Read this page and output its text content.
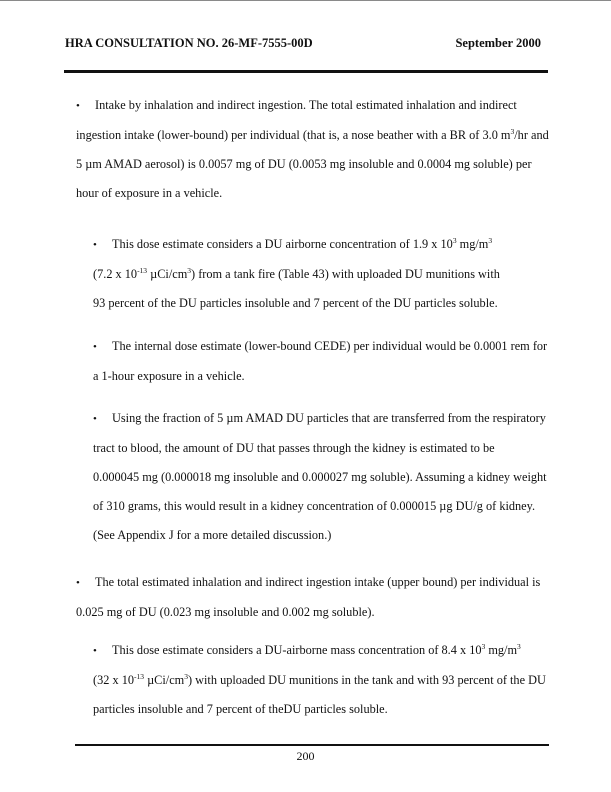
HRA CONSULTATION NO. 26-MF-7555-00D	September 2000
• Intake by inhalation and indirect ingestion. The total estimated inhalation and indirect
ingestion intake (lower-bound) per individual (that is, a nose beather with a BR of 3.0 $m^3/hr$ and
5 µm AMAD aerosol) is 0.0057 mg of DU (0.0053 mg insoluble and 0.0004 mg soluble) per
hour of exposure in a vehicle.
• This dose estimate considers a DU airborne concentration of 1.9 x $10^3$ $mg/m^3$
(7.2 x $10^{-13}$ µCi/$cm^3$) from a tank fire (Table 43) with uploaded DU munitions with
93 percent of the DU particles insoluble and 7 percent of the DU particles soluble.
• The internal dose estimate (lower-bound CEDE) per individual would be 0.0001 rem for
a 1-hour exposure in a vehicle.
• Using the fraction of 5 µm AMAD DU particles that are transferred from the respiratory
tract to blood, the amount of DU that passes through the kidney is estimated to be
0.000045 mg (0.000018 mg insoluble and 0.000027 mg soluble). Assuming a kidney weight
of 310 grams, this would result in a kidney concentration of 0.000015 µg DU/g of kidney.
(See Appendix J for a more detailed discussion.)
• The total estimated inhalation and indirect ingestion intake (upper bound) per individual is
0.025 mg of DU (0.023 mg insoluble and 0.002 mg soluble).
• This dose estimate considers a DU-airborne mass concentration of 8.4 x $10^3$ $mg/m^3$
(32 x $10^{-13}$ µCi/$cm^3$) with uploaded DU munitions in the tank and with 93 percent of the DU
particles insoluble and 7 percent of theDU particles soluble.
200
